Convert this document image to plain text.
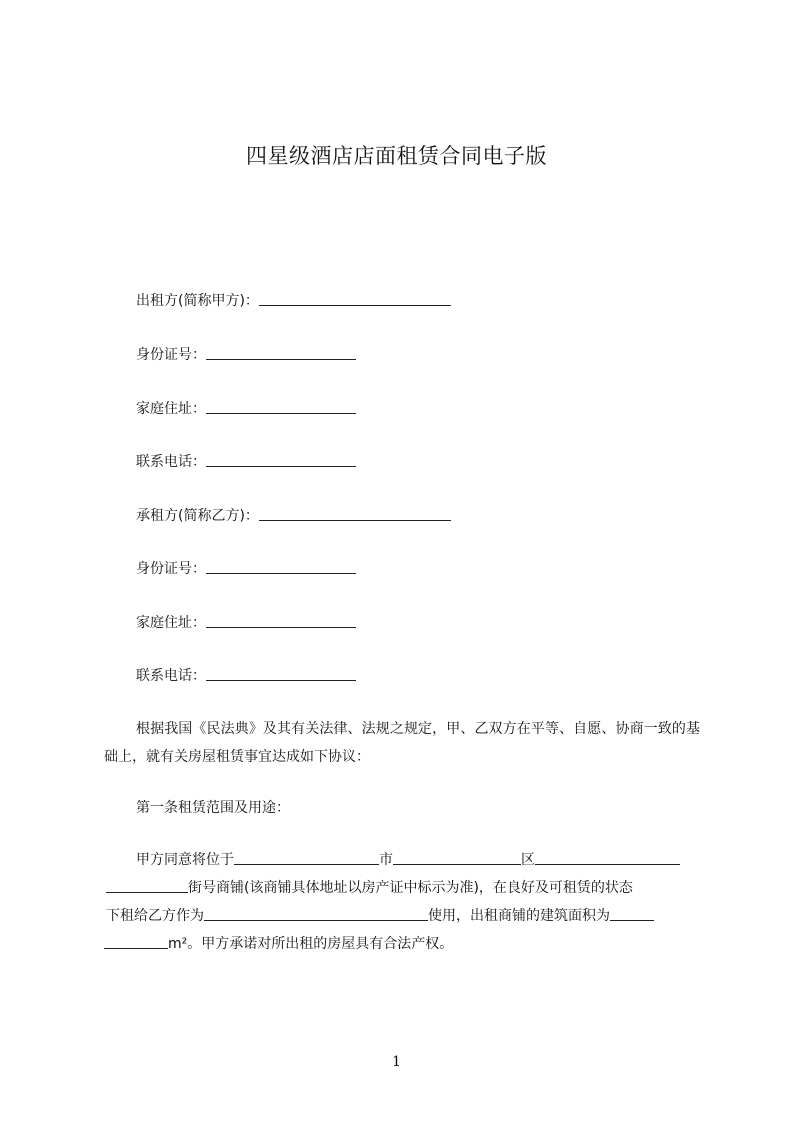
四星级酒店店面租赁合同电子版
出租方(简称甲方)：
身份证号：
家庭住址：
联系电话：
承租方(简称乙方)：
身份证号：
家庭住址：
联系电话：

根据我国《民法典》及其有关法律、法规之规定，甲、乙双方在平等、自愿、协商一致的基础上，就有关房屋租赁事宜达成如下协议：

第一条租赁范围及用途：

甲方同意将位于	市	区
街号商铺(该商铺具体地址以房产证中标示为准)，在良好及可租赁的状态
下租给乙方作为	使用，出租商铺的建筑面积为
m²。甲方承诺对所出租的房屋具有合法产权。
1
